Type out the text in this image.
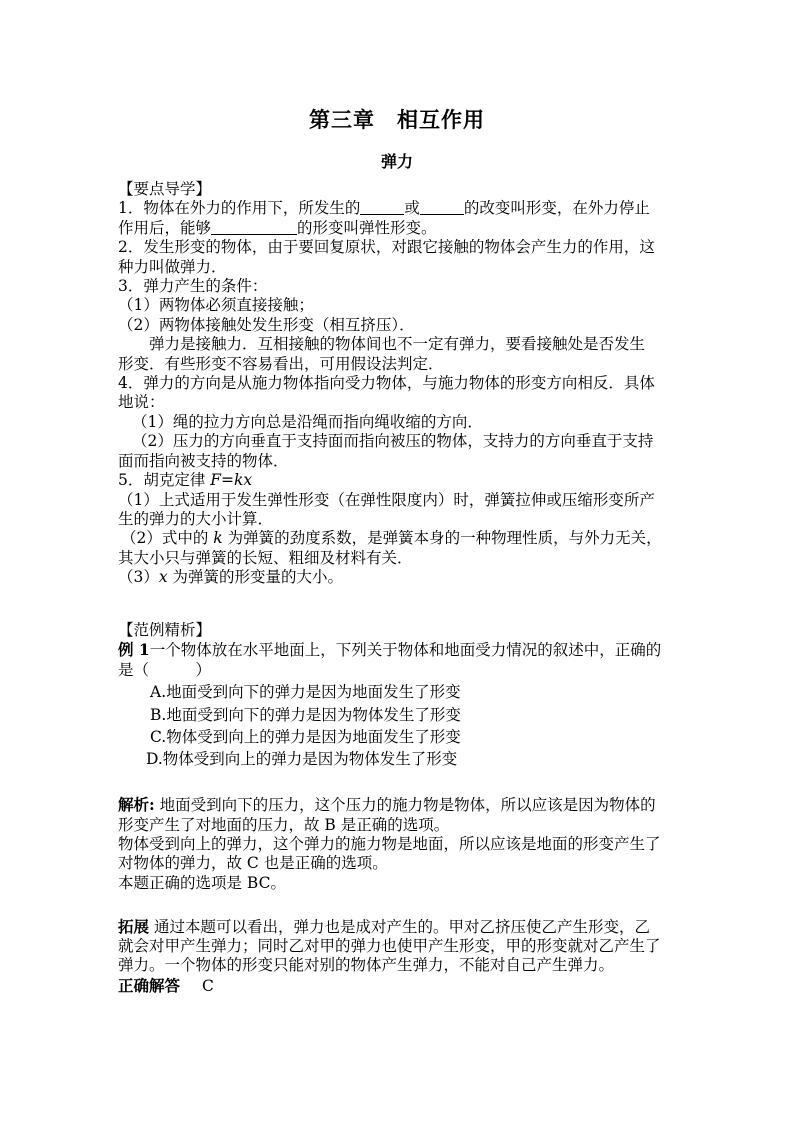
第三章 相互作用
弹力

【要点导学】

1．物体在外力的作用下，所发生的	或	的改变叫形变，在外力停止

作用后，能够	的形变叫弹性形变。

2．发生形变的物体，由于要回复原状，对跟它接触的物体会产生力的作用，这

种力叫做弹力．

3．弹力产生的条件：

（1）两物体必须直接接触；

（2）两物体接触处发生形变（相互挤压）．

弹力是接触力．互相接触的物体间也不一定有弹力，要看接触处是否发生

形变．有些形变不容易看出，可用假设法判定．

4．弹力的方向是从施力物体指向受力物体，与施力物体的形变方向相反．具体

地说：

（1）绳的拉力方向总是沿绳而指向绳收缩的方向．

（2）压力的方向垂直于支持面而指向被压的物体，支持力的方向垂直于支持

面而指向被支持的物体．

5．胡克定律 F=kx

（1）上式适用于发生弹性形变（在弹性限度内）时，弹簧拉伸或压缩形变所产

生的弹力的大小计算．

（2）式中的 k 为弹簧的劲度系数，是弹簧本身的一种物理性质，与外力无关，

其大小只与弹簧的长短、粗细及材料有关．

（3）x 为弹簧的形变量的大小。

【范例精析】

例 1一个物体放在水平地面上，下列关于物体和地面受力情况的叙述中，正确的

是（　　　）

A.地面受到向下的弹力是因为地面发生了形变

B.地面受到向下的弹力是因为物体发生了形变

C.物体受到向上的弹力是因为地面发生了形变

D.物体受到向上的弹力是因为物体发生了形变

解析: 地面受到向下的压力，这个压力的施力物是物体，所以应该是因为物体的

形变产生了对地面的压力，故 B 是正确的选项。

物体受到向上的弹力，这个弹力的施力物是地面，所以应该是地面的形变产生了

对物体的弹力，故 C 也是正确的选项。

本题正确的选项是 BC。

拓展 通过本题可以看出，弹力也是成对产生的。甲对乙挤压使乙产生形变，乙

就会对甲产生弹力；同时乙对甲的弹力也使甲产生形变，甲的形变就对乙产生了

弹力。一个物体的形变只能对别的物体产生弹力，不能对自己产生弹力。

正确解答 C
